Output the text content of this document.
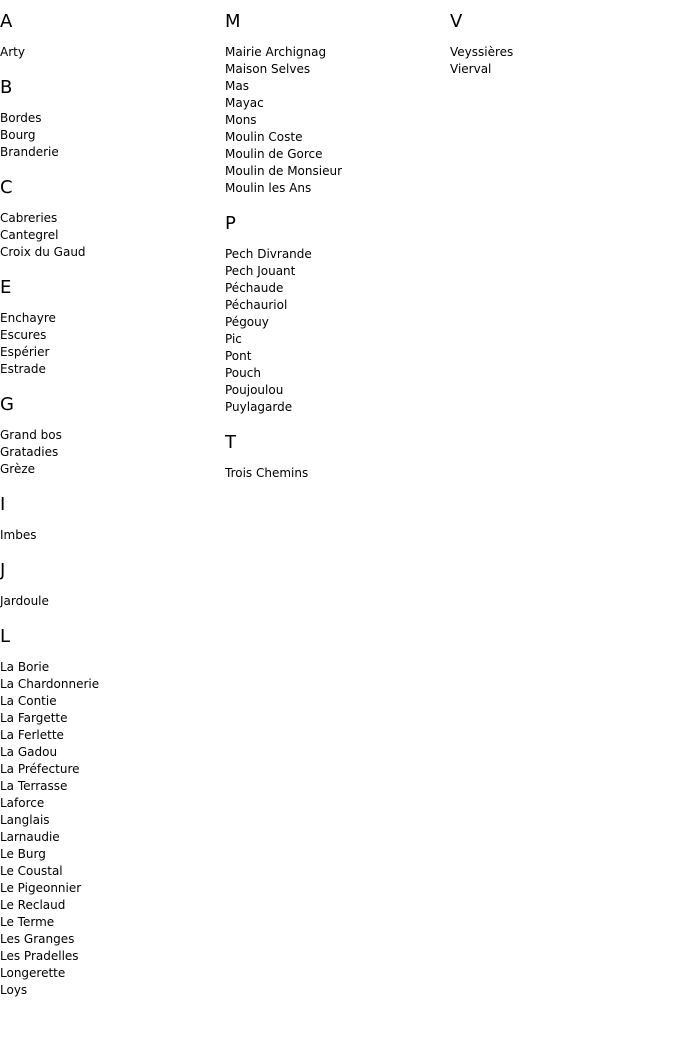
A
Arty
B
Bordes
Bourg
Branderie
C
Cabreries
Cantegrel
Croix du Gaud
E
Enchayre
Escures
Espérier
Estrade
G
Grand bos
Gratadies
Grèze
I
Imbes
J
Jardoule
L
La Borie
La Chardonnerie
La Contie
La Fargette
La Ferlette
La Gadou
La Préfecture
La Terrasse
Laforce
Langlais
Larnaudie
Le Burg
Le Coustal
Le Pigeonnier
Le Reclaud
Le Terme
Les Granges
Les Pradelles
Longerette
Loys
M
Mairie Archignag
Maison Selves
Mas
Mayac
Mons
Moulin Coste
Moulin de Gorce
Moulin de Monsieur
Moulin les Ans
P
Pech Divrande
Pech Jouant
Péchaude
Péchauriol
Pégouy
Pic
Pont
Pouch
Poujoulou
Puylagarde
T
Trois Chemins
V
Veyssières
Vierval
